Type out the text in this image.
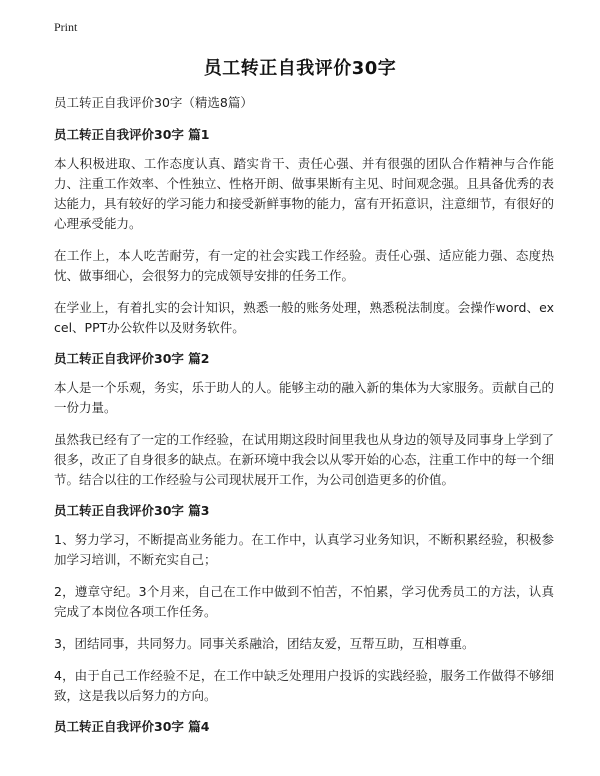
Print
员工转正自我评价30字

员工转正自我评价30字（精选8篇）

员工转正自我评价30字 篇1

本人积极进取、工作态度认真、踏实肯干、责任心强、并有很强的团队合作精神与合作能力、注重工作效率、个性独立、性格开朗、做事果断有主见、时间观念强。且具备优秀的表达能力，具有较好的学习能力和接受新鲜事物的能力，富有开拓意识，注意细节，有很好的心理承受能力。

在工作上，本人吃苦耐劳，有一定的社会实践工作经验。责任心强、适应能力强、态度热忱、做事细心，会很努力的完成领导安排的任务工作。

在学业上，有着扎实的会计知识，熟悉一般的账务处理，熟悉税法制度。会操作word、excel、PPT办公软件以及财务软件。

员工转正自我评价30字 篇2

本人是一个乐观，务实，乐于助人的人。能够主动的融入新的集体为大家服务。贡献自己的一份力量。

虽然我已经有了一定的工作经验，在试用期这段时间里我也从身边的领导及同事身上学到了很多，改正了自身很多的缺点。在新环境中我会以从零开始的心态，注重工作中的每一个细节。结合以往的工作经验与公司现状展开工作，为公司创造更多的价值。

员工转正自我评价30字 篇3

1、努力学习，不断提高业务能力。在工作中，认真学习业务知识，不断积累经验，积极参加学习培训，不断充实自己；

2，遵章守纪。3个月来，自己在工作中做到不怕苦，不怕累，学习优秀员工的方法，认真完成了本岗位各项工作任务。

3，团结同事，共同努力。同事关系融洽，团结友爱，互帮互助，互相尊重。

4，由于自己工作经验不足，在工作中缺乏处理用户投诉的实践经验，服务工作做得不够细致，这是我以后努力的方向。

员工转正自我评价30字 篇4
